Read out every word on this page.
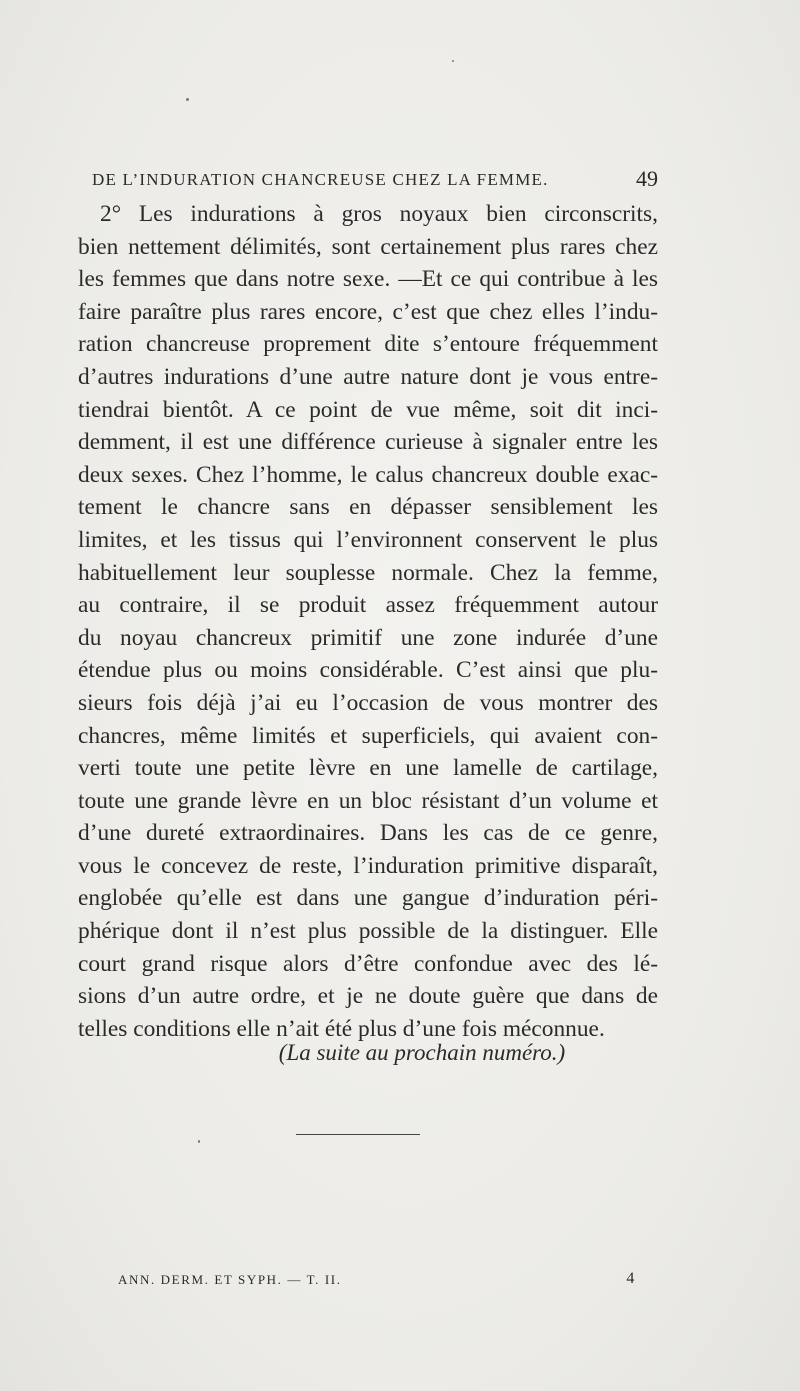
DE L’INDURATION CHANCREUSE CHEZ LA FEMME.	49
2° Les indurations à gros noyaux bien circonscrits,
bien nettement délimités, sont certainement plus rares chez
les femmes que dans notre sexe. —Et ce qui contribue à les
faire paraître plus rares encore, c’est que chez elles l’indu-
ration chancreuse proprement dite s’entoure fréquemment
d’autres indurations d’une autre nature dont je vous entre-
tiendrai bientôt. A ce point de vue même, soit dit inci-
demment, il est une différence curieuse à signaler entre les
deux sexes. Chez l’homme, le calus chancreux double exac-
tement le chancre sans en dépasser sensiblement les
limites, et les tissus qui l’environnent conservent le plus
habituellement leur souplesse normale. Chez la femme,
au contraire, il se produit assez fréquemment autour
du noyau chancreux primitif une zone indurée d’une
étendue plus ou moins considérable. C’est ainsi que plu-
sieurs fois déjà j’ai eu l’occasion de vous montrer des
chancres, même limités et superficiels, qui avaient con-
verti toute une petite lèvre en une lamelle de cartilage,
toute une grande lèvre en un bloc résistant d’un volume et
d’une dureté extraordinaires. Dans les cas de ce genre,
vous le concevez de reste, l’induration primitive disparaît,
englobée qu’elle est dans une gangue d’induration péri-
phérique dont il n’est plus possible de la distinguer. Elle
court grand risque alors d’être confondue avec des lé-
sions d’un autre ordre, et je ne doute guère que dans de
telles conditions elle n’ait été plus d’une fois méconnue.
(La suite au prochain numéro.)
ANN. DERM. ET SYPH. — T. II.	4
